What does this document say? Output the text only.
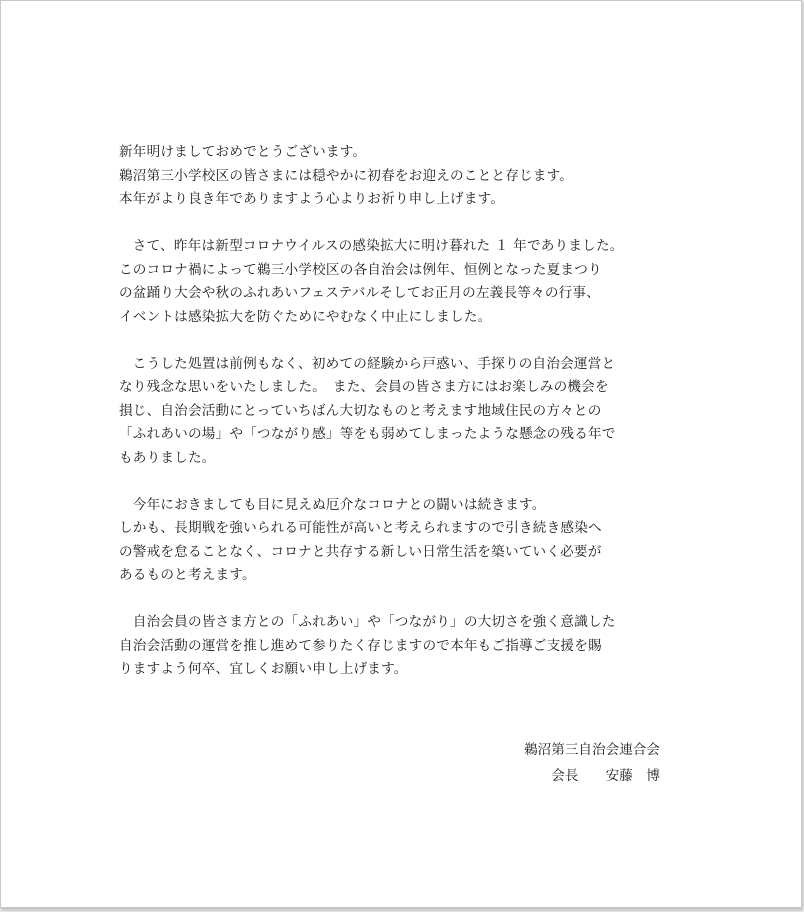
新年明けましておめでとうございます。
鵜沼第三小学校区の皆さまには穏やかに初春をお迎えのことと存じます。
本年がより良き年でありますよう心よりお祈り申し上げます。

　さて、昨年は新型コロナウイルスの感染拡大に明け暮れた １ 年でありました。
このコロナ禍によって鵜三小学校区の各自治会は例年、恒例となった夏まつり
の盆踊り大会や秋のふれあいフェステバルそしてお正月の左義長等々の行事、
イベントは感染拡大を防ぐためにやむなく中止にしました。

　こうした処置は前例もなく、初めての経験から戸惑い、手探りの自治会運営と
なり残念な思いをいたしました。　また、会員の皆さま方にはお楽しみの機会を
損じ、自治会活動にとっていちばん大切なものと考えます地域住民の方々との
「ふれあいの場」や「つながり感」等をも弱めてしまったような懸念の残る年で
もありました。

　今年におきましても目に見えぬ厄介なコロナとの闘いは続きます。
しかも、長期戦を強いられる可能性が高いと考えられますので引き続き感染へ
の警戒を怠ることなく、コロナと共存する新しい日常生活を築いていく必要が
あるものと考えます。

　自治会員の皆さま方との「ふれあい」や「つながり」の大切さを強く意識した
自治会活動の運営を推し進めて参りたく存じますので本年もご指導ご支援を賜
りますよう何卒、宜しくお願い申し上げます。

鵜沼第三自治会連合会
会長　　安藤　博
